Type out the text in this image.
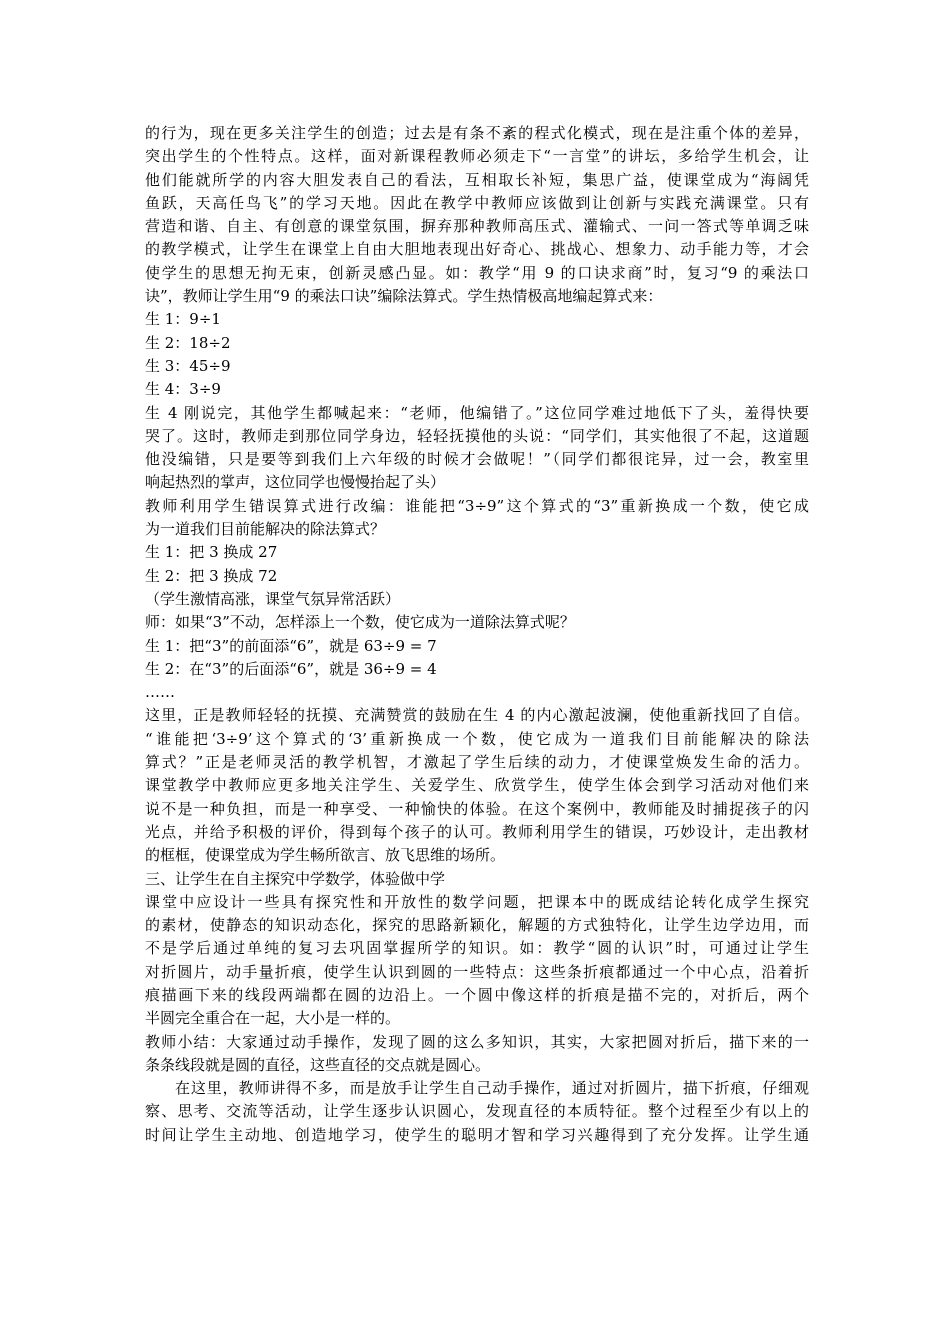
的行为，现在更多关注学生的创造；过去是有条不紊的程式化模式，现在是注重个体的差异，
突出学生的个性特点。这样，面对新课程教师必须走下“一言堂”的讲坛，多给学生机会，让
他们能就所学的内容大胆发表自己的看法，互相取长补短，集思广益，使课堂成为“海阔凭
鱼跃，天高任鸟飞”的学习天地。因此在教学中教师应该做到让创新与实践充满课堂。只有
营造和谐、自主、有创意的课堂氛围，摒弃那种教师高压式、灌输式、一问一答式等单调乏味
的教学模式，让学生在课堂上自由大胆地表现出好奇心、挑战心、想象力、动手能力等，才会
使学生的思想无拘无束，创新灵感凸显。如：教学“用 9 的口诀求商”时，复习“9 的乘法口
诀”，教师让学生用“9 的乘法口诀”编除法算式。学生热情极高地编起算式来：
生 1：9÷1
生 2：18÷2
生 3：45÷9
生 4：3÷9
生 4 刚说完，其他学生都喊起来：“老师，他编错了。”这位同学难过地低下了头，羞得快要
哭了。这时，教师走到那位同学身边，轻轻抚摸他的头说：“同学们，其实他很了不起，这道题
他没编错，只是要等到我们上六年级的时候才会做呢！”（同学们都很诧异，过一会，教室里
响起热烈的掌声，这位同学也慢慢抬起了头）
教师利用学生错误算式进行改编：谁能把“3÷9”这个算式的“3”重新换成一个数，使它成
为一道我们目前能解决的除法算式？
生 1：把 3 换成 27
生 2：把 3 换成 72
（学生激情高涨，课堂气氛异常活跃）
师：如果“3”不动，怎样添上一个数，使它成为一道除法算式呢？
生 1：把“3”的前面添“6”，就是 63÷9 = 7
生 2：在“3”的后面添“6”，就是 36÷9 = 4
……
这里，正是教师轻轻的抚摸、充满赞赏的鼓励在生 4 的内心激起波澜，使他重新找回了自信。
“谁能把‘3÷9’这个算式的‘3’重新换成一个数，使它成为一道我们目前能解决的除法
算式？”正是老师灵活的教学机智，才激起了学生后续的动力，才使课堂焕发生命的活力。
课堂教学中教师应更多地关注学生、关爱学生、欣赏学生，使学生体会到学习活动对他们来
说不是一种负担，而是一种享受、一种愉快的体验。在这个案例中，教师能及时捕捉孩子的闪
光点，并给予积极的评价，得到每个孩子的认可。教师利用学生的错误，巧妙设计，走出教材
的框框，使课堂成为学生畅所欲言、放飞思维的场所。
三、让学生在自主探究中学数学，体验做中学
课堂中应设计一些具有探究性和开放性的数学问题，把课本中的既成结论转化成学生探究
的素材，使静态的知识动态化，探究的思路新颖化，解题的方式独特化，让学生边学边用，而
不是学后通过单纯的复习去巩固掌握所学的知识。如：教学“圆的认识”时，可通过让学生
对折圆片，动手量折痕，使学生认识到圆的一些特点：这些条折痕都通过一个中心点，沿着折
痕描画下来的线段两端都在圆的边沿上。一个圆中像这样的折痕是描不完的，对折后，两个
半圆完全重合在一起，大小是一样的。
教师小结：大家通过动手操作，发现了圆的这么多知识，其实，大家把圆对折后，描下来的一
条条线段就是圆的直径，这些直径的交点就是圆心。
在这里，教师讲得不多，而是放手让学生自己动手操作，通过对折圆片，描下折痕，仔细观
察、思考、交流等活动，让学生逐步认识圆心，发现直径的本质特征。整个过程至少有以上的
时间让学生主动地、创造地学习，使学生的聪明才智和学习兴趣得到了充分发挥。让学生通
